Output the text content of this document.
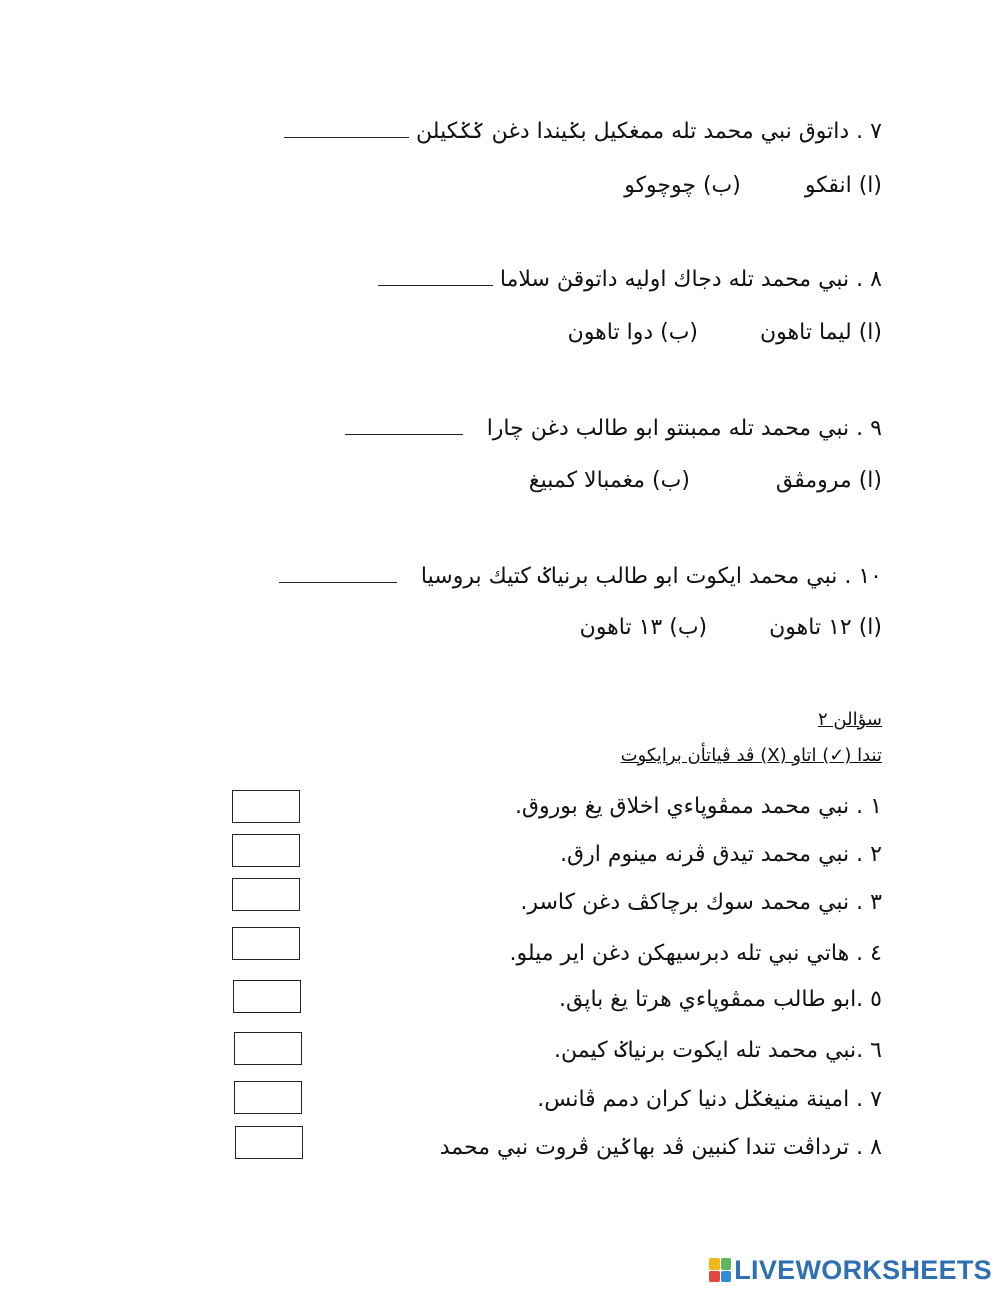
٧ . داتوق نبي محمد تله ممغکيل بݢيندا دغن ݢݢکيلن
(ا) انقکو  (ب) چوچوکو
٨ . نبي محمد تله دجاك اوليه داتوقڽ سلاما
(ا) ليما تاهون  (ب) دوا تاهون
٩ . نبي محمد تله ممبنتو ابو طالب دغن چارا
(ا) مرومڤق  (ب) مغمبالا کمبيغ
١٠ . نبي محمد ايکوت ابو طالب برنياݢ کتيك بروسيا
(ا) ١٢ تاهون  (ب) ١٣ تاهون
سؤالن ٢
تندا (✓) اتاو (X) ڤد ڤياتأن برايکوت
١ . نبي محمد ممڤوڽاءي اخلاق يغ بوروق.
٢ . نبي محمد تيدق ڤرنه مينوم ارق.
٣ . نبي محمد سوك برچاکڤ دغن کاسر.
٤ . هاتي نبي تله دبرسيهکن دغن اير ميلو.
٥ .ابو طالب ممڤوڽاءي هرتا يغ باڽق.
٦ .نبي محمد تله ايکوت برنياݢ کيمن.
٧ . امينة منيغݢل دنيا کران دمم ڤانس.
٨ . ترداڤت تندا کنبين ڤد بهاݢين ڤروت نبي محمد
LIVEWORKSHEETS
